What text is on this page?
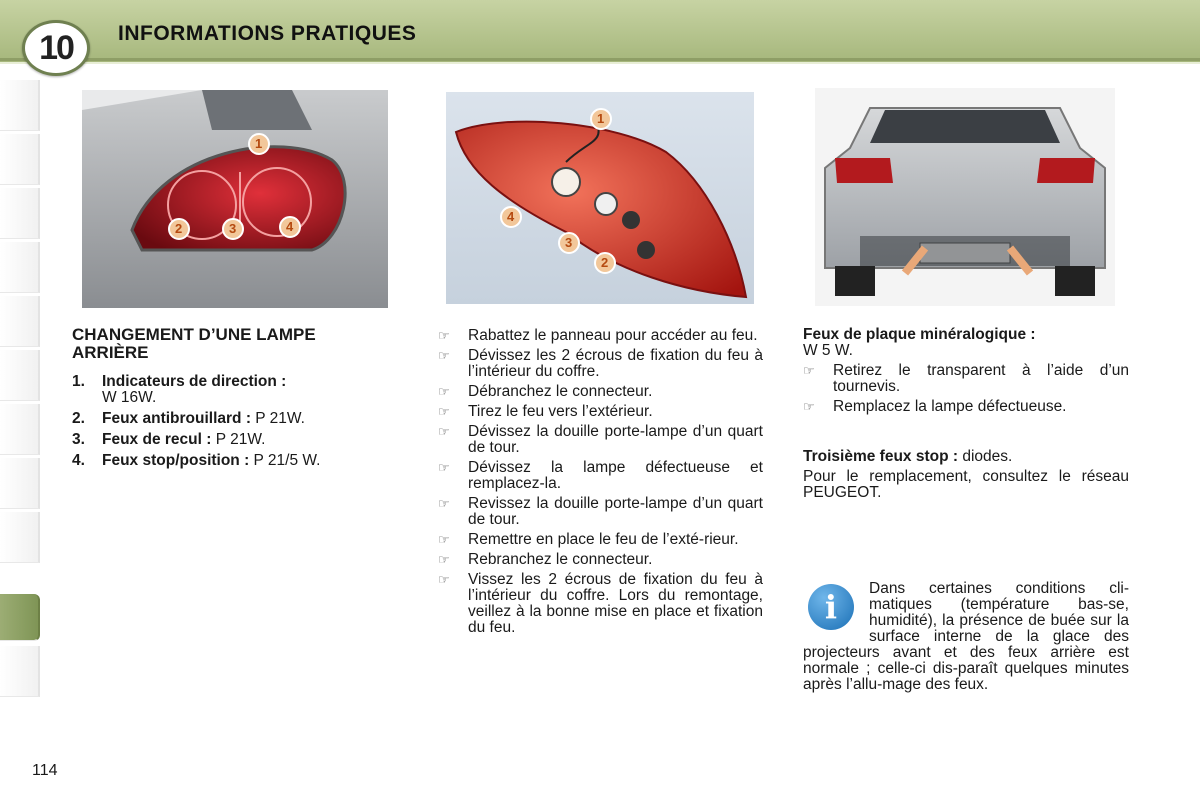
10	INFORMATIONS PRATIQUES
1
2	3	4
1
4
3
2
CHANGEMENT D’UNE LAMPE ARRIÈRE
1.	Indicateurs de direction :
W 16W.
2.	Feux antibrouillard : P 21W.
3.	Feux de recul : P 21W.
4.	Feux stop/position : P 21/5 W.
☞	Rabattez le panneau pour accéder au feu.
☞	Dévissez les 2 écrous de fixation du feu à l’intérieur du coffre.
☞	Débranchez le connecteur.
☞	Tirez le feu vers l’extérieur.
☞	Dévissez la douille porte-lampe d’un quart de tour.
☞	Dévissez la lampe défectueuse et remplacez-la.
☞	Revissez la douille porte-lampe d’un quart de tour.
☞	Remettre en place le feu de l’exté-rieur.
☞	Rebranchez le connecteur.
☞	Vissez les 2 écrous de fixation du feu à l’intérieur du coffre. Lors du remontage, veillez à la bonne mise en place et fixation du feu.
Feux de plaque minéralogique :
W 5 W.
☞	Retirez le transparent à l’aide d’un tournevis.
☞	Remplacez la lampe défectueuse.
Troisième feux stop : diodes.
Pour le remplacement, consultez le réseau PEUGEOT.
i	Dans certaines conditions cli-matiques (température bas-se, humidité), la présence de buée sur la surface interne de la glace des projecteurs avant et des feux arrière est normale ; celle-ci dis-paraît quelques minutes après l’allu-mage des feux.
114
